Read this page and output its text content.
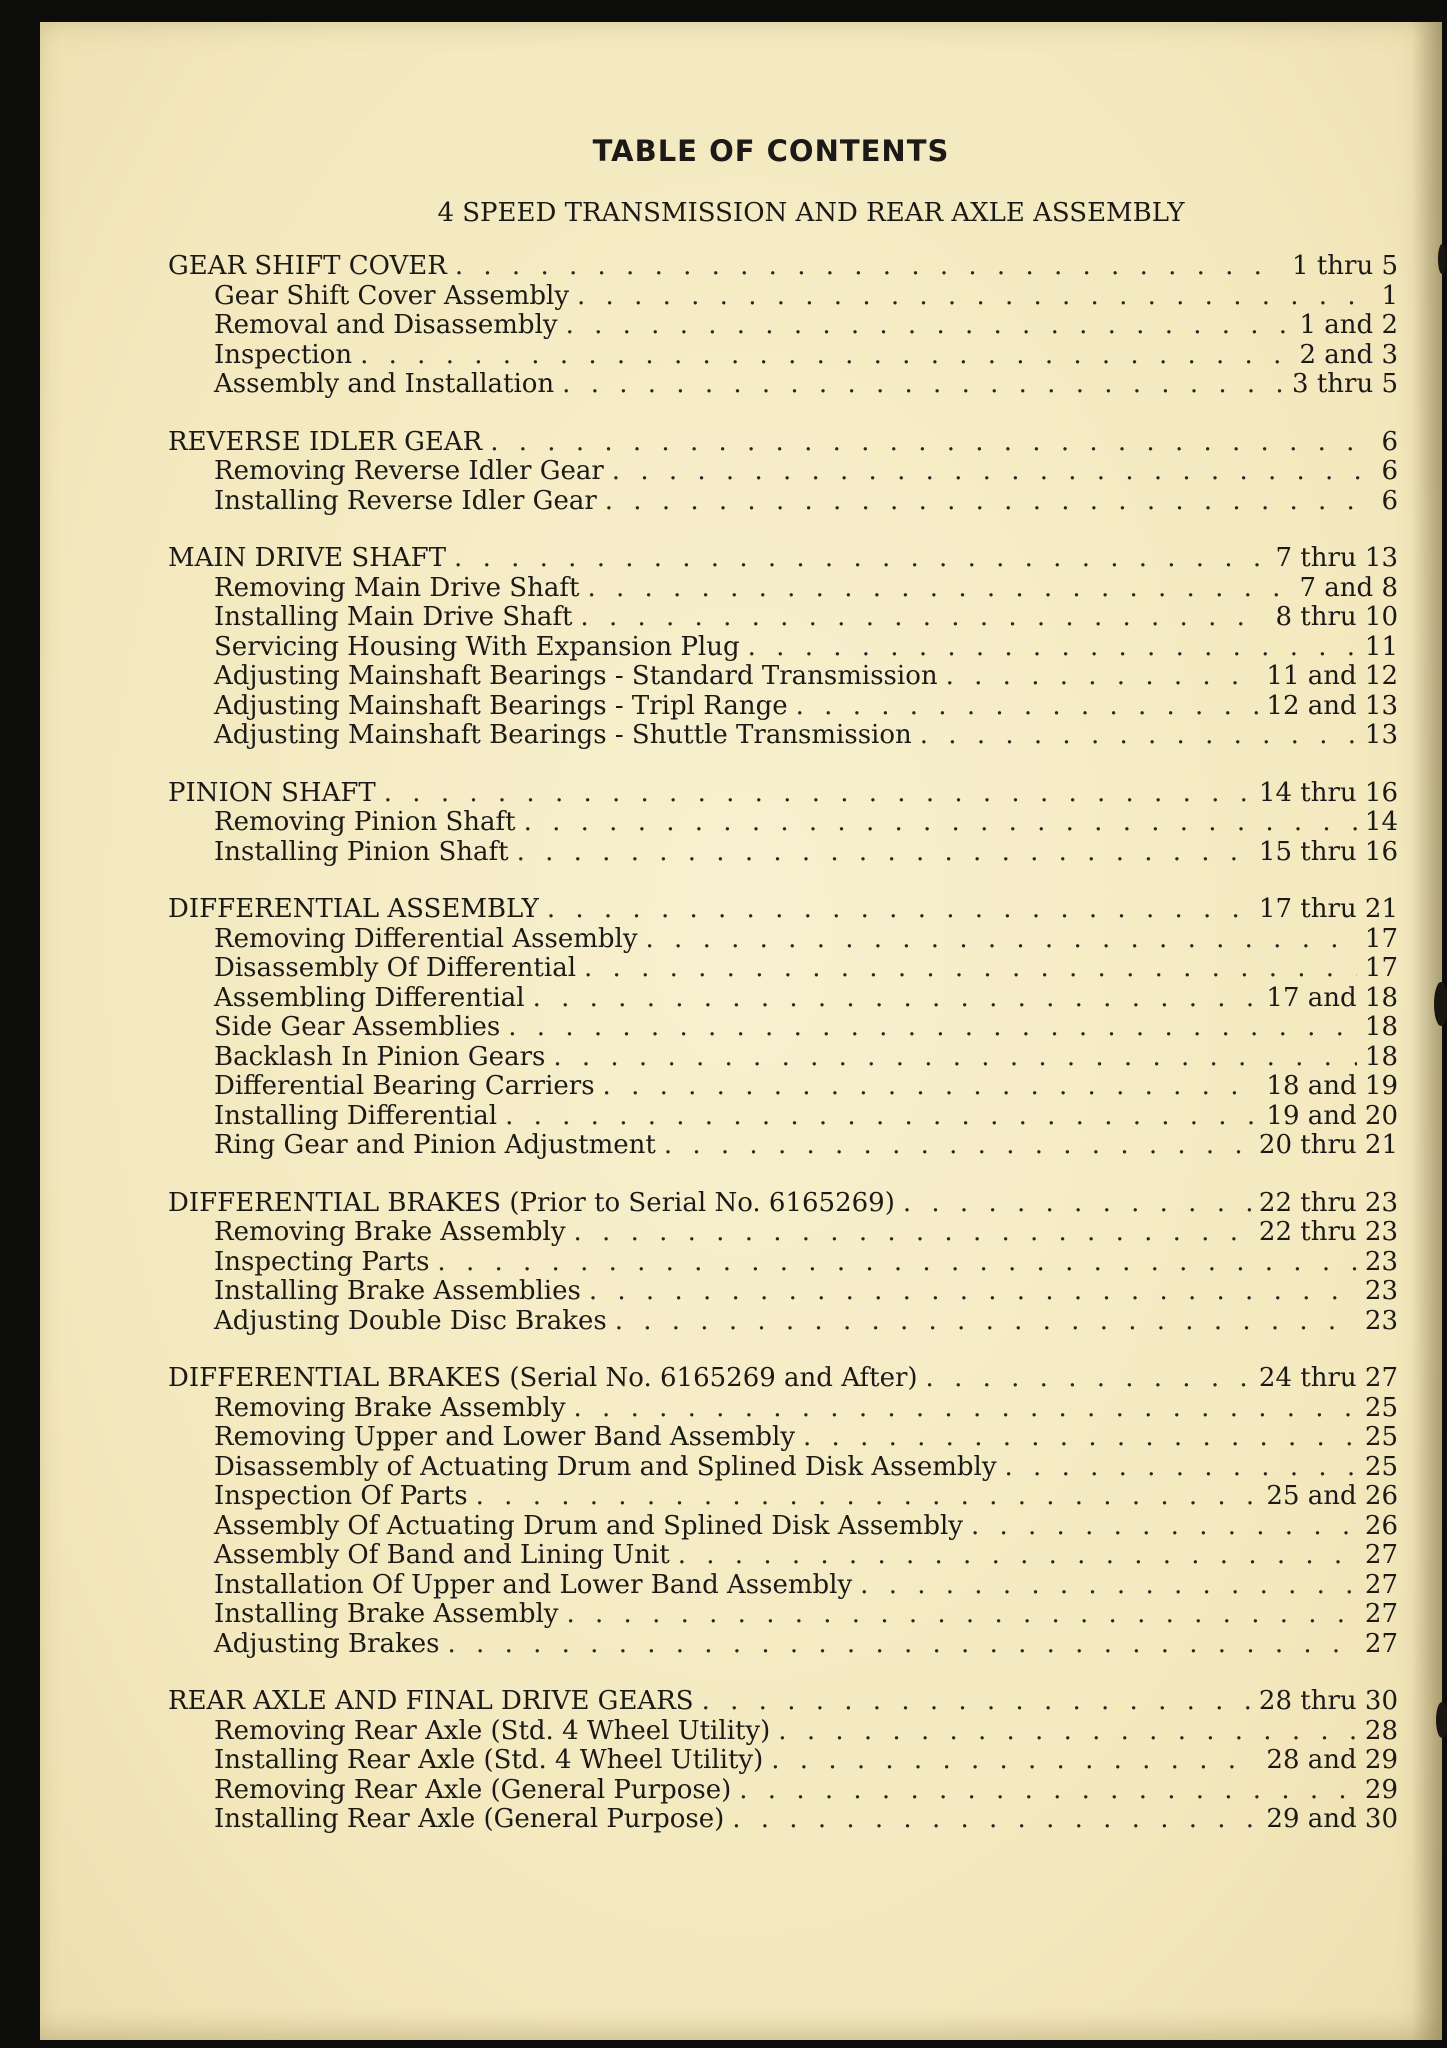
TABLE OF CONTENTS
4 SPEED TRANSMISSION AND REAR AXLE ASSEMBLY
GEAR SHIFT COVER . . .	1 thru 5
Gear Shift Cover Assembly . . .	1
Removal and Disassembly . . .	1 and 2
Inspection . . .	2 and 3
Assembly and Installation . . .	3 thru 5
REVERSE IDLER GEAR . . .	6
Removing Reverse Idler Gear . . .	6
Installing Reverse Idler Gear . . .	6
MAIN DRIVE SHAFT . . .	7 thru 13
Removing Main Drive Shaft . . .	7 and 8
Installing Main Drive Shaft . . .	8 thru 10
Servicing Housing With Expansion Plug . . .	11
Adjusting Mainshaft Bearings - Standard Transmission . . .	11 and 12
Adjusting Mainshaft Bearings - Tripl Range . . .	12 and 13
Adjusting Mainshaft Bearings - Shuttle Transmission . . .	13
PINION SHAFT . . .	14 thru 16
Removing Pinion Shaft . . .	14
Installing Pinion Shaft . . .	15 thru 16
DIFFERENTIAL ASSEMBLY . . .	17 thru 21
Removing Differential Assembly . . .	17
Disassembly Of Differential . . .	17
Assembling Differential . . .	17 and 18
Side Gear Assemblies . . .	18
Backlash In Pinion Gears . . .	18
Differential Bearing Carriers . . .	18 and 19
Installing Differential . . .	19 and 20
Ring Gear and Pinion Adjustment . . .	20 thru 21
DIFFERENTIAL BRAKES (Prior to Serial No. 6165269) . . .	22 thru 23
Removing Brake Assembly . . .	22 thru 23
Inspecting Parts . . .	23
Installing Brake Assemblies . . .	23
Adjusting Double Disc Brakes . . .	23
DIFFERENTIAL BRAKES (Serial No. 6165269 and After) . . .	24 thru 27
Removing Brake Assembly . . .	25
Removing Upper and Lower Band Assembly . . .	25
Disassembly of Actuating Drum and Splined Disk Assembly . . .	25
Inspection Of Parts . . .	25 and 26
Assembly Of Actuating Drum and Splined Disk Assembly . . .	26
Assembly Of Band and Lining Unit . . .	27
Installation Of Upper and Lower Band Assembly . . .	27
Installing Brake Assembly . . .	27
Adjusting Brakes . . .	27
REAR AXLE AND FINAL DRIVE GEARS . . .	28 thru 30
Removing Rear Axle (Std. 4 Wheel Utility) . . .	28
Installing Rear Axle (Std. 4 Wheel Utility) . . .	28 and 29
Removing Rear Axle (General Purpose) . . .	29
Installing Rear Axle (General Purpose) . . .	29 and 30
